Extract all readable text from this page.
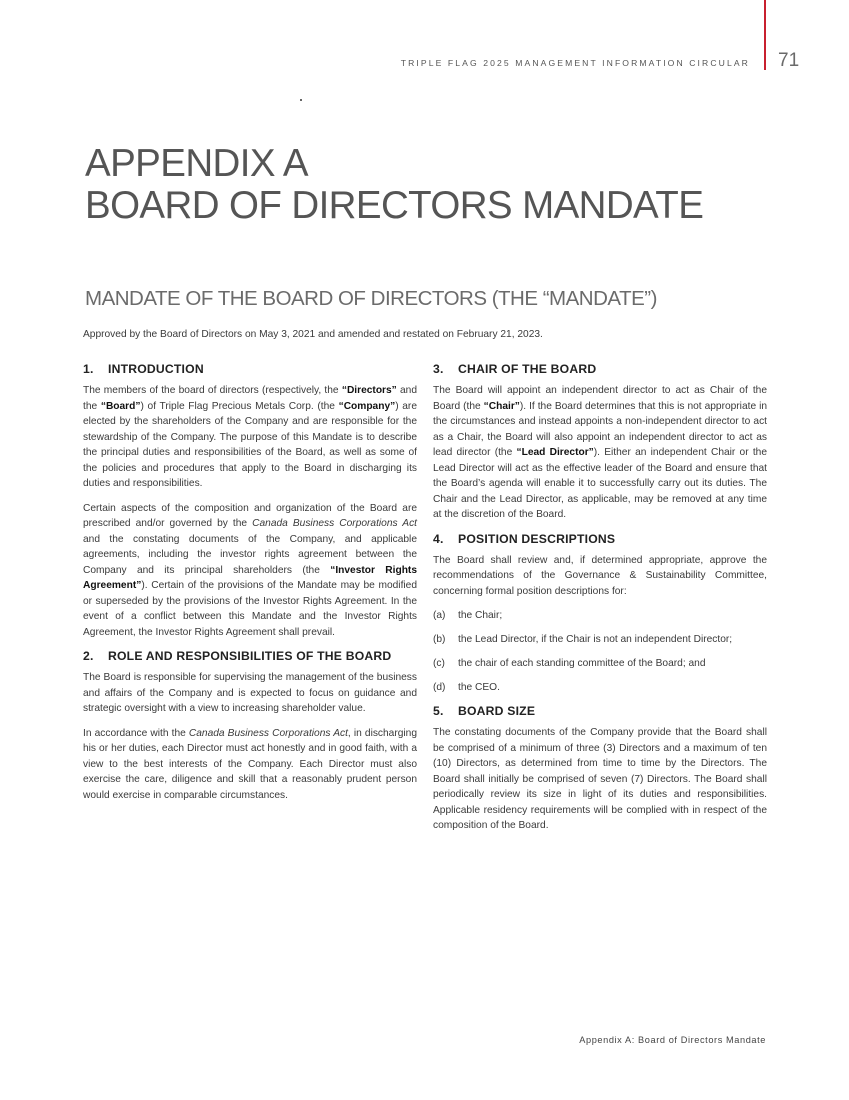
TRIPLE FLAG 2025 MANAGEMENT INFORMATION CIRCULAR 71
APPENDIX A
BOARD OF DIRECTORS MANDATE
MANDATE OF THE BOARD OF DIRECTORS (THE “MANDATE”)
Approved by the Board of Directors on May 3, 2021 and amended and restated on February 21, 2023.
1.	INTRODUCTION

The members of the board of directors (respectively, the “Directors” and the “Board”) of Triple Flag Precious Metals Corp. (the “Company”) are elected by the shareholders of the Company and are responsible for the stewardship of the Company. The purpose of this Mandate is to describe the principal duties and responsibilities of the Board, as well as some of the policies and procedures that apply to the Board in discharging its duties and responsibilities.

Certain aspects of the composition and organization of the Board are prescribed and/or governed by the Canada Business Corporations Act and the constating documents of the Company, and applicable agreements, including the investor rights agreement between the Company and its principal shareholders (the “Investor Rights Agreement”). Certain of the provisions of the Mandate may be modified or superseded by the provisions of the Investor Rights Agreement. In the event of a conflict between this Mandate and the Investor Rights Agreement, the Investor Rights Agreement shall prevail.

2.	ROLE AND RESPONSIBILITIES OF THE BOARD

The Board is responsible for supervising the management of the business and affairs of the Company and is expected to focus on guidance and strategic oversight with a view to increasing shareholder value.

In accordance with the Canada Business Corporations Act, in discharging his or her duties, each Director must act honestly and in good faith, with a view to the best interests of the Company. Each Director must also exercise the care, diligence and skill that a reasonably prudent person would exercise in comparable circumstances.

3.	CHAIR OF THE BOARD

The Board will appoint an independent director to act as Chair of the Board (the “Chair”). If the Board determines that this is not appropriate in the circumstances and instead appoints a non-independent director to act as a Chair, the Board will also appoint an independent director to act as lead director (the “Lead Director”). Either an independent Chair or the Lead Director will act as the effective leader of the Board and ensure that the Board’s agenda will enable it to successfully carry out its duties. The Chair and the Lead Director, as applicable, may be removed at any time at the discretion of the Board.

4.	POSITION DESCRIPTIONS

The Board shall review and, if determined appropriate, approve the recommendations of the Governance & Sustainability Committee, concerning formal position descriptions for:

(a)	the Chair;
(b)	the Lead Director, if the Chair is not an independent Director;
(c)	the chair of each standing committee of the Board; and
(d)	the CEO.
5.	BOARD SIZE

The constating documents of the Company provide that the Board shall be comprised of a minimum of three (3) Directors and a maximum of ten (10) Directors, as determined from time to time by the Directors. The Board shall initially be comprised of seven (7) Directors. The Board shall periodically review its size in light of its duties and responsibilities. Applicable residency requirements will be complied with in respect of the composition of the Board.

Appendix A: Board of Directors Mandate
